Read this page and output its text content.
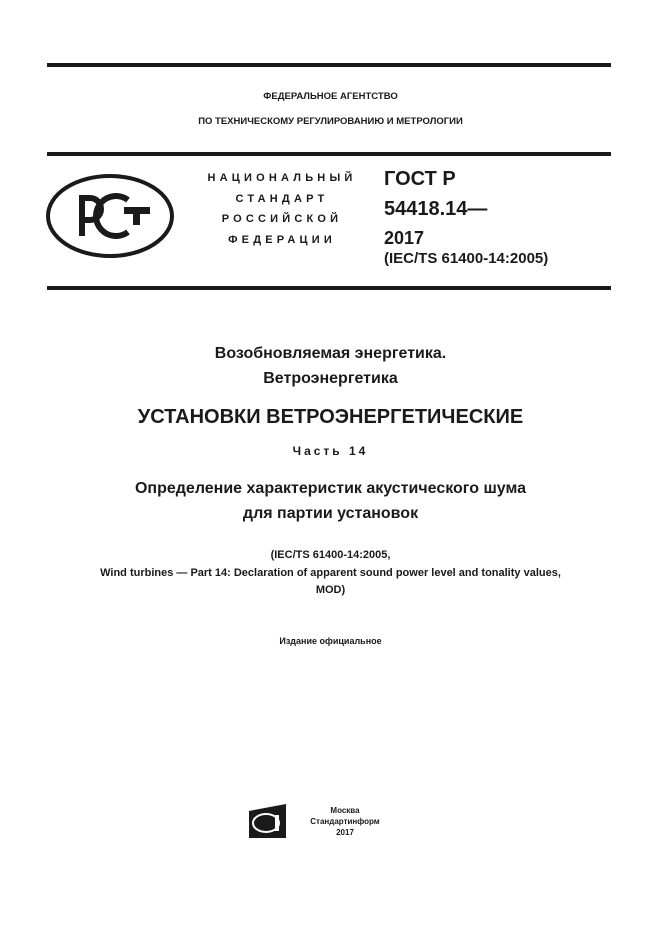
ФЕДЕРАЛЬНОЕ АГЕНТСТВО
ПО ТЕХНИЧЕСКОМУ РЕГУЛИРОВАНИЮ И МЕТРОЛОГИИ
НАЦИОНАЛЬНЫЙ
СТАНДАРТ
РОССИЙСКОЙ
ФЕДЕРАЦИИ
ГОСТ Р
54418.14—
2017
(IEC/TS 61400-14:2005)
Возобновляемая энергетика.
Ветроэнергетика
УСТАНОВКИ ВЕТРОЭНЕРГЕТИЧЕСКИЕ
Часть 14
Определение характеристик акустического шума
для партии установок
(IEC/TS 61400-14:2005,
Wind turbines — Part 14: Declaration of apparent sound power level and tonality values,
MOD)
Издание официальное
Москва
Стандартинформ
2017
